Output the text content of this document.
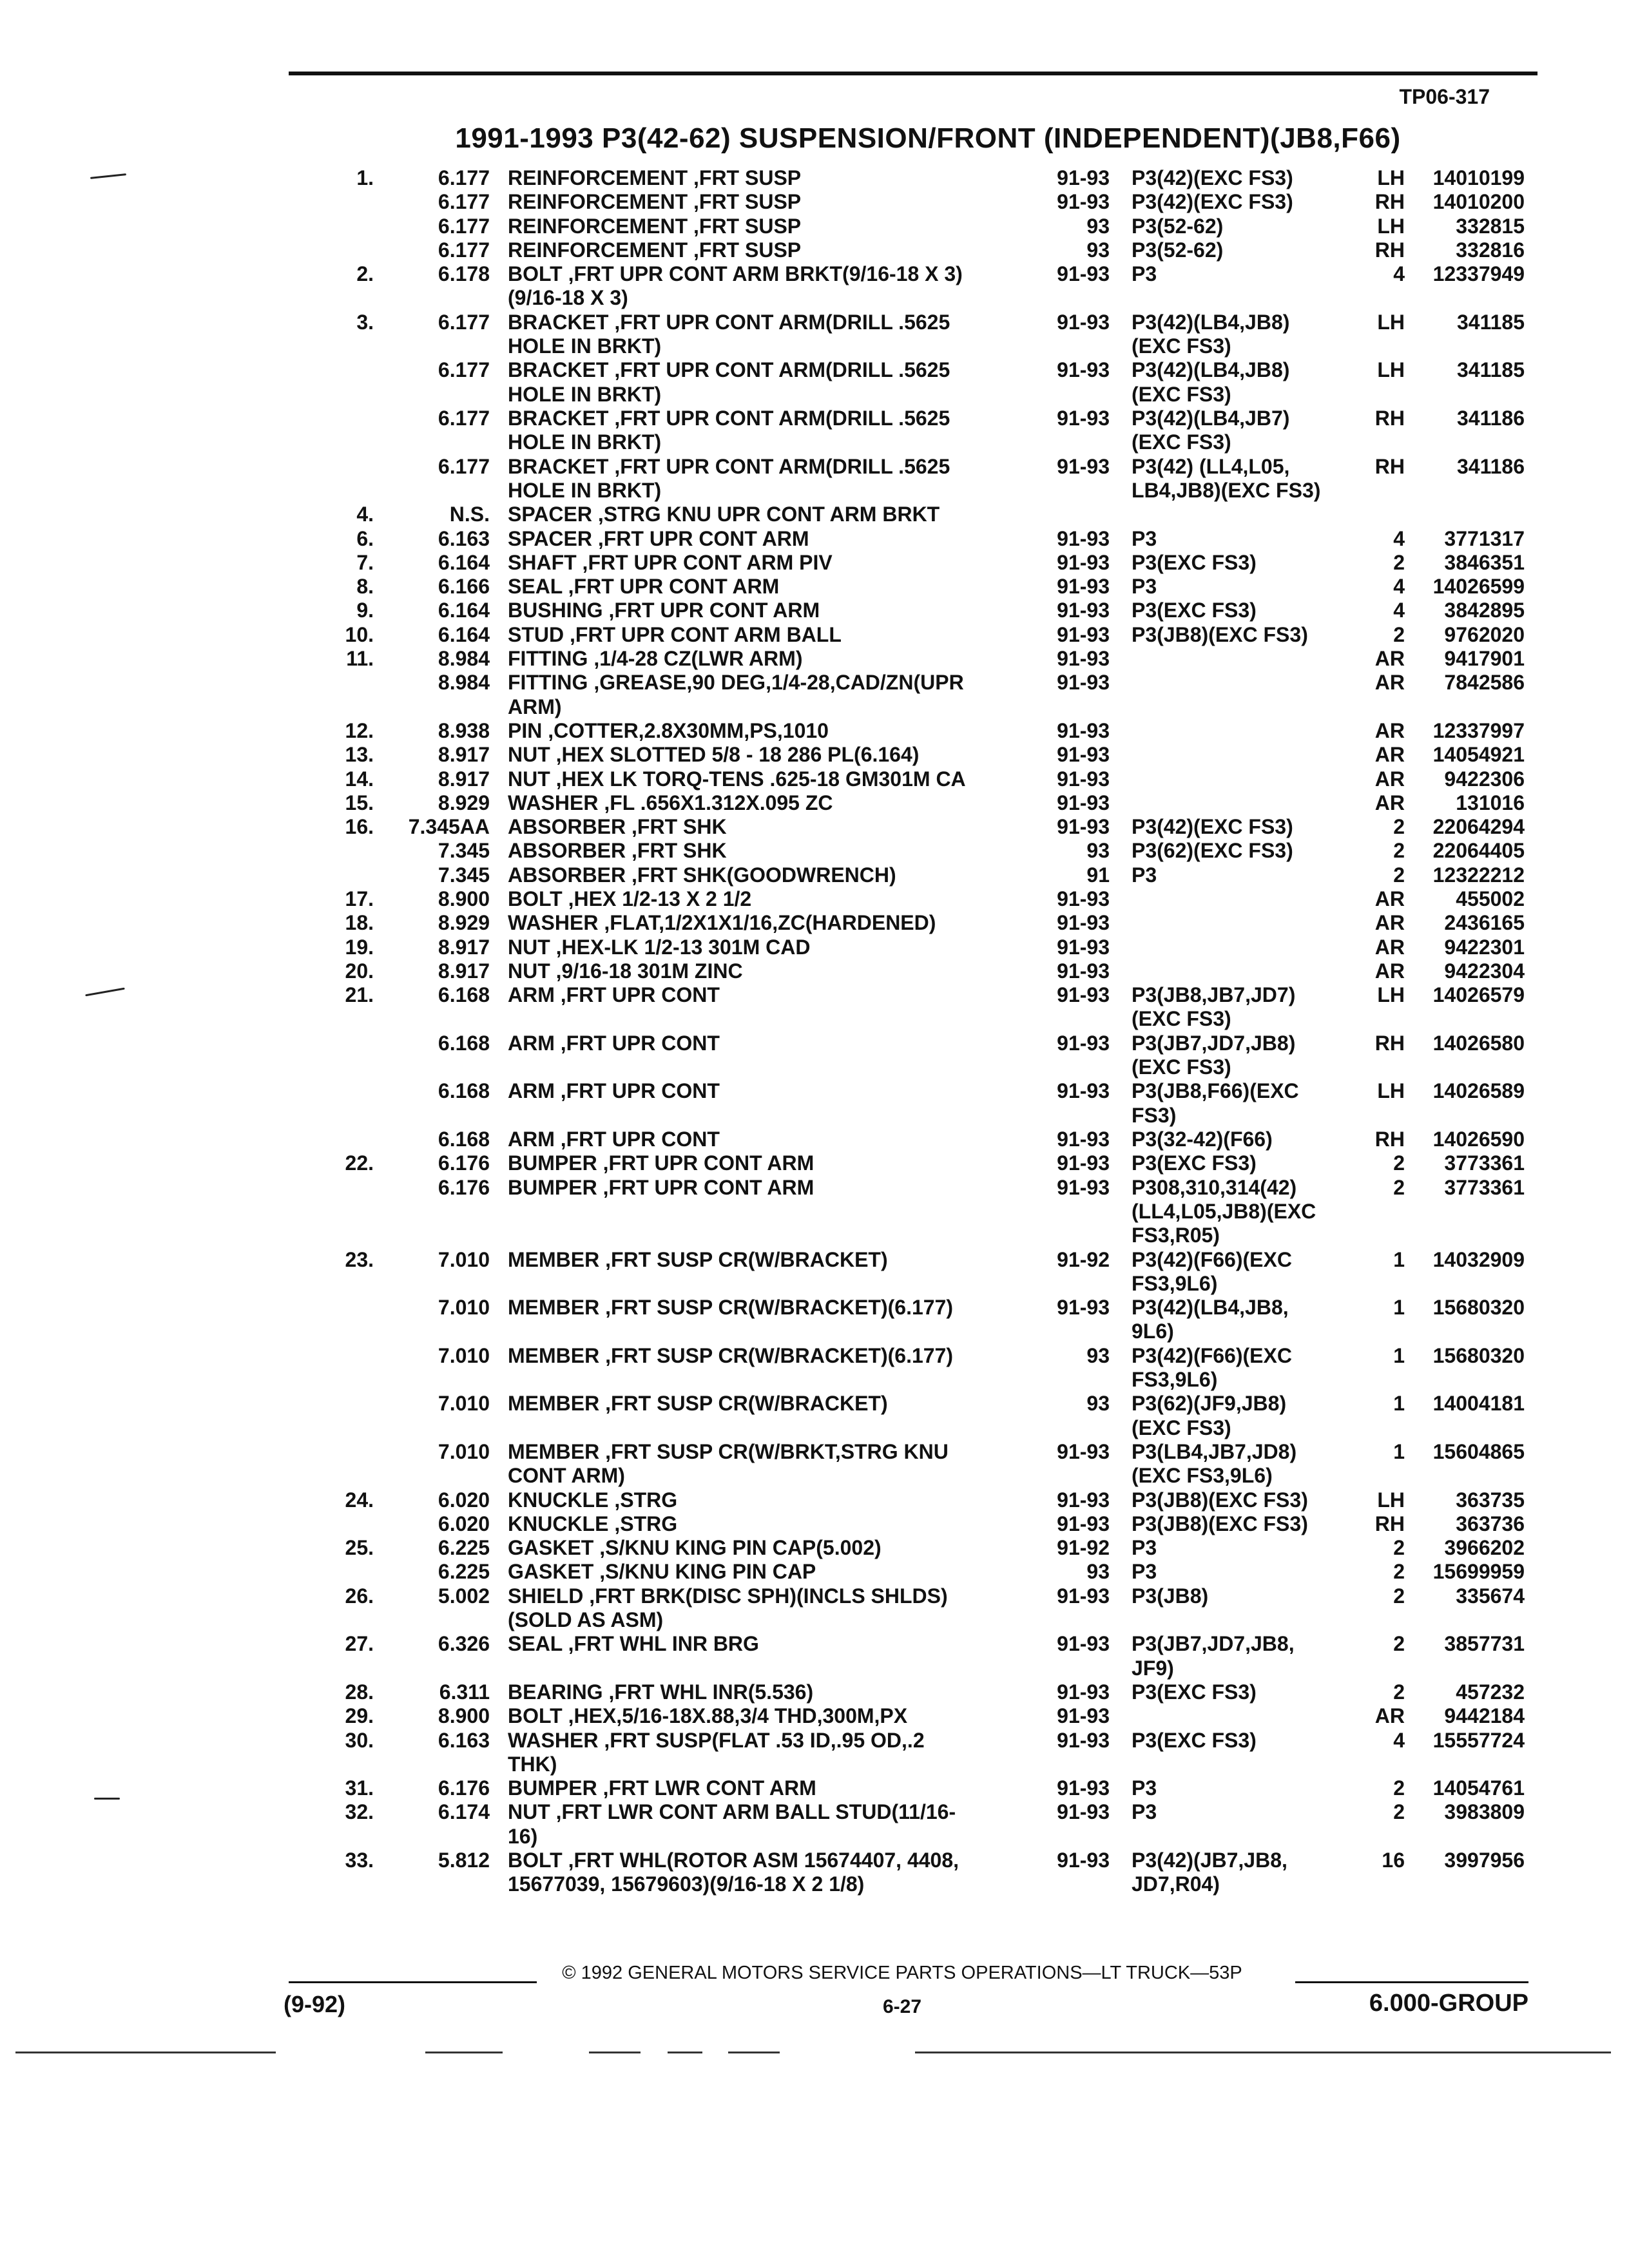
TP06-317
1991-1993 P3(42-62) SUSPENSION/FRONT (INDEPENDENT)(JB8,F66)
1.	6.177 REINFORCEMENT ,FRT SUSP	91-93 P3(42)(EXC FS3)	LH	14010199
6.177 REINFORCEMENT ,FRT SUSP	91-93 P3(42)(EXC FS3)	RH	14010200
6.177 REINFORCEMENT ,FRT SUSP	93 P3(52-62)	LH	332815
6.177 REINFORCEMENT ,FRT SUSP	93 P3(52-62)	RH	332816
2.	6.178 BOLT ,FRT UPR CONT ARM BRKT(9/16-18 X 3)	91-93 P3	4	12337949
(9/16-18 X 3)
3.	6.177 BRACKET ,FRT UPR CONT ARM(DRILL .5625	91-93 P3(42)(LB4,JB8)	LH	341185
HOLE IN BRKT)	(EXC FS3)
6.177 BRACKET ,FRT UPR CONT ARM(DRILL .5625	91-93 P3(42)(LB4,JB8)	LH	341185
HOLE IN BRKT)	(EXC FS3)
6.177 BRACKET ,FRT UPR CONT ARM(DRILL .5625	91-93 P3(42)(LB4,JB7)	RH	341186
HOLE IN BRKT)	(EXC FS3)
6.177 BRACKET ,FRT UPR CONT ARM(DRILL .5625	91-93 P3(42) (LL4,L05,	RH	341186
HOLE IN BRKT)	LB4,JB8)(EXC FS3)
4.	N.S. SPACER ,STRG KNU UPR CONT ARM BRKT
6.	6.163 SPACER ,FRT UPR CONT ARM	91-93 P3	4	3771317
7.	6.164 SHAFT ,FRT UPR CONT ARM PIV	91-93 P3(EXC FS3)	2	3846351
8.	6.166 SEAL ,FRT UPR CONT ARM	91-93 P3	4	14026599
9.	6.164 BUSHING ,FRT UPR CONT ARM	91-93 P3(EXC FS3)	4	3842895
10.	6.164 STUD ,FRT UPR CONT ARM BALL	91-93 P3(JB8)(EXC FS3)	2	9762020
11.	8.984 FITTING ,1/4-28 CZ(LWR ARM)	91-93	AR	9417901
8.984 FITTING ,GREASE,90 DEG,1/4-28,CAD/ZN(UPR	91-93	AR	7842586
ARM)
12.	8.938 PIN ,COTTER,2.8X30MM,PS,1010	91-93	AR	12337997
13.	8.917 NUT ,HEX SLOTTED 5/8 - 18 286 PL(6.164)	91-93	AR	14054921
14.	8.917 NUT ,HEX LK TORQ-TENS .625-18 GM301M CA	91-93	AR	9422306
15.	8.929 WASHER ,FL .656X1.312X.095 ZC	91-93	AR	131016
16.	7.345AA ABSORBER ,FRT SHK	91-93 P3(42)(EXC FS3)	2	22064294
7.345 ABSORBER ,FRT SHK	93 P3(62)(EXC FS3)	2	22064405
7.345 ABSORBER ,FRT SHK(GOODWRENCH)	91 P3	2	12322212
17.	8.900 BOLT ,HEX 1/2-13 X 2 1/2	91-93	AR	455002
18.	8.929 WASHER ,FLAT,1/2X1X1/16,ZC(HARDENED)	91-93	AR	2436165
19.	8.917 NUT ,HEX-LK 1/2-13 301M CAD	91-93	AR	9422301
20.	8.917 NUT ,9/16-18 301M ZINC	91-93	AR	9422304
21.	6.168 ARM ,FRT UPR CONT	91-93 P3(JB8,JB7,JD7)	LH	14026579
(EXC FS3)
6.168 ARM ,FRT UPR CONT	91-93 P3(JB7,JD7,JB8)	RH	14026580
(EXC FS3)
6.168 ARM ,FRT UPR CONT	91-93 P3(JB8,F66)(EXC	LH	14026589
FS3)
6.168 ARM ,FRT UPR CONT	91-93 P3(32-42)(F66)	RH	14026590
22.	6.176 BUMPER ,FRT UPR CONT ARM	91-93 P3(EXC FS3)	2	3773361
6.176 BUMPER ,FRT UPR CONT ARM	91-93 P308,310,314(42)	2	3773361
(LL4,L05,JB8)(EXC
FS3,R05)
23.	7.010 MEMBER ,FRT SUSP CR(W/BRACKET)	91-92 P3(42)(F66)(EXC	1	14032909
FS3,9L6)
7.010 MEMBER ,FRT SUSP CR(W/BRACKET)(6.177)	91-93 P3(42)(LB4,JB8,	1	15680320
9L6)
7.010 MEMBER ,FRT SUSP CR(W/BRACKET)(6.177)	93 P3(42)(F66)(EXC	1	15680320
FS3,9L6)
7.010 MEMBER ,FRT SUSP CR(W/BRACKET)	93 P3(62)(JF9,JB8)	1	14004181
(EXC FS3)
7.010 MEMBER ,FRT SUSP CR(W/BRKT,STRG KNU	91-93 P3(LB4,JB7,JD8)	1	15604865
CONT ARM)	(EXC FS3,9L6)
24.	6.020 KNUCKLE ,STRG	91-93 P3(JB8)(EXC FS3)	LH	363735
6.020 KNUCKLE ,STRG	91-93 P3(JB8)(EXC FS3)	RH	363736
25.	6.225 GASKET ,S/KNU KING PIN CAP(5.002)	91-92 P3	2	3966202
6.225 GASKET ,S/KNU KING PIN CAP	93 P3	2	15699959
26.	5.002 SHIELD ,FRT BRK(DISC SPH)(INCLS SHLDS)	91-93 P3(JB8)	2	335674
(SOLD AS ASM)
27.	6.326 SEAL ,FRT WHL INR BRG	91-93 P3(JB7,JD7,JB8,	2	3857731
JF9)
28.	6.311 BEARING ,FRT WHL INR(5.536)	91-93 P3(EXC FS3)	2	457232
29.	8.900 BOLT ,HEX,5/16-18X.88,3/4 THD,300M,PX	91-93	AR	9442184
30.	6.163 WASHER ,FRT SUSP(FLAT .53 ID,.95 OD,.2	91-93 P3(EXC FS3)	4	15557724
THK)
31.	6.176 BUMPER ,FRT LWR CONT ARM	91-93 P3	2	14054761
32.	6.174 NUT ,FRT LWR CONT ARM BALL STUD(11/16-	91-93 P3	2	3983809
16)
33.	5.812 BOLT ,FRT WHL(ROTOR ASM 15674407, 4408,	91-93 P3(42)(JB7,JB8,	16	3997956
15677039, 15679603)(9/16-18 X 2 1/8)	JD7,R04)
© 1992 GENERAL MOTORS SERVICE PARTS OPERATIONS—LT TRUCK—53P
(9-92)	6-27	6.000-GROUP
